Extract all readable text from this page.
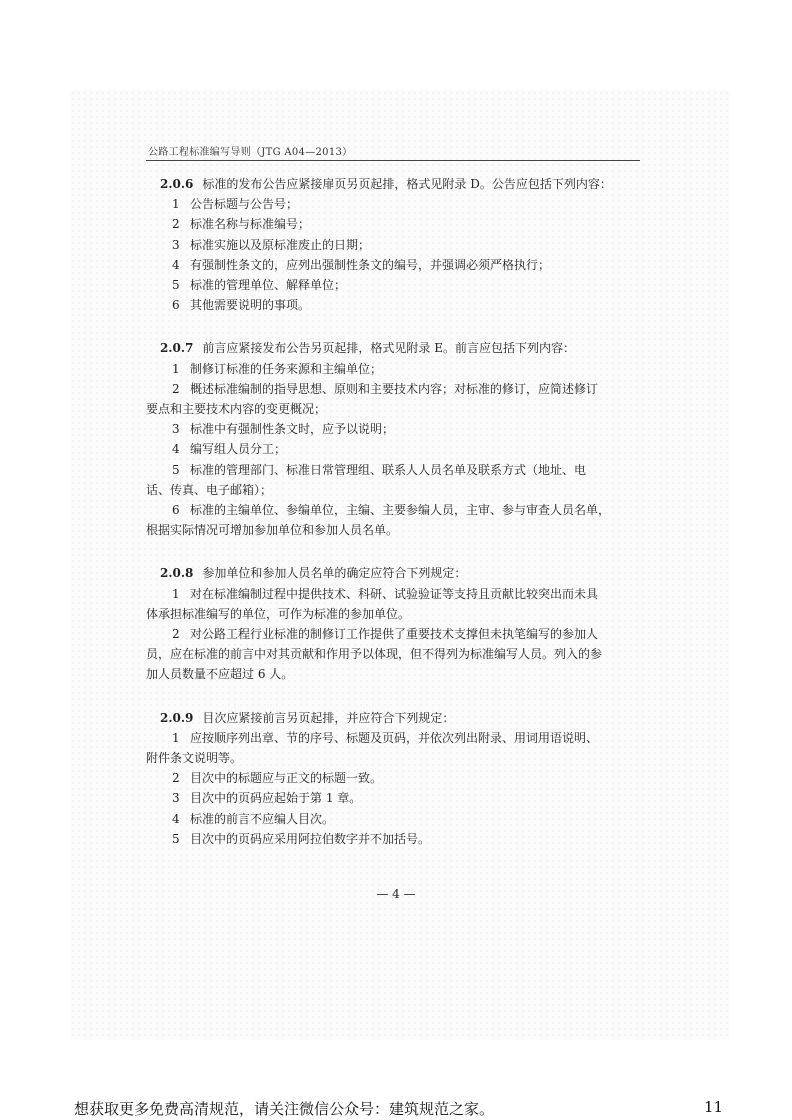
公路工程标准编写导则（JTG A04—2013）
2.0.6 标准的发布公告应紧接扉页另页起排，格式见附录 D。公告应包括下列内容：
1 公告标题与公告号；
2 标准名称与标准编号；
3 标准实施以及原标准废止的日期；
4 有强制性条文的，应列出强制性条文的编号，并强调必须严格执行；
5 标准的管理单位、解释单位；
6 其他需要说明的事项。
2.0.7 前言应紧接发布公告另页起排，格式见附录 E。前言应包括下列内容：
1 制修订标准的任务来源和主编单位；
2 概述标准编制的指导思想、原则和主要技术内容；对标准的修订，应简述修订
要点和主要技术内容的变更概况；
3 标准中有强制性条文时，应予以说明；
4 编写组人员分工；
5 标准的管理部门、标准日常管理组、联系人人员名单及联系方式（地址、电
话、传真、电子邮箱）；
6 标准的主编单位、参编单位，主编、主要参编人员，主审、参与审查人员名单，
根据实际情况可增加参加单位和参加人员名单。
2.0.8 参加单位和参加人员名单的确定应符合下列规定：
1 对在标准编制过程中提供技术、科研、试验验证等支持且贡献比较突出而未具
体承担标准编写的单位，可作为标准的参加单位。
2 对公路工程行业标准的制修订工作提供了重要技术支撑但未执笔编写的参加人
员，应在标准的前言中对其贡献和作用予以体现，但不得列为标准编写人员。列入的参
加人员数量不应超过 6 人。
2.0.9 目次应紧接前言另页起排，并应符合下列规定：
1 应按顺序列出章、节的序号、标题及页码，并依次列出附录、用词用语说明、
附件条文说明等。
2 目次中的标题应与正文的标题一致。
3 目次中的页码应起始于第 1 章。
4 标准的前言不应编人目次。
5 目次中的页码应采用阿拉伯数字并不加括号。
— 4 —
想获取更多免费高清规范，请关注微信公众号：建筑规范之家。	11
